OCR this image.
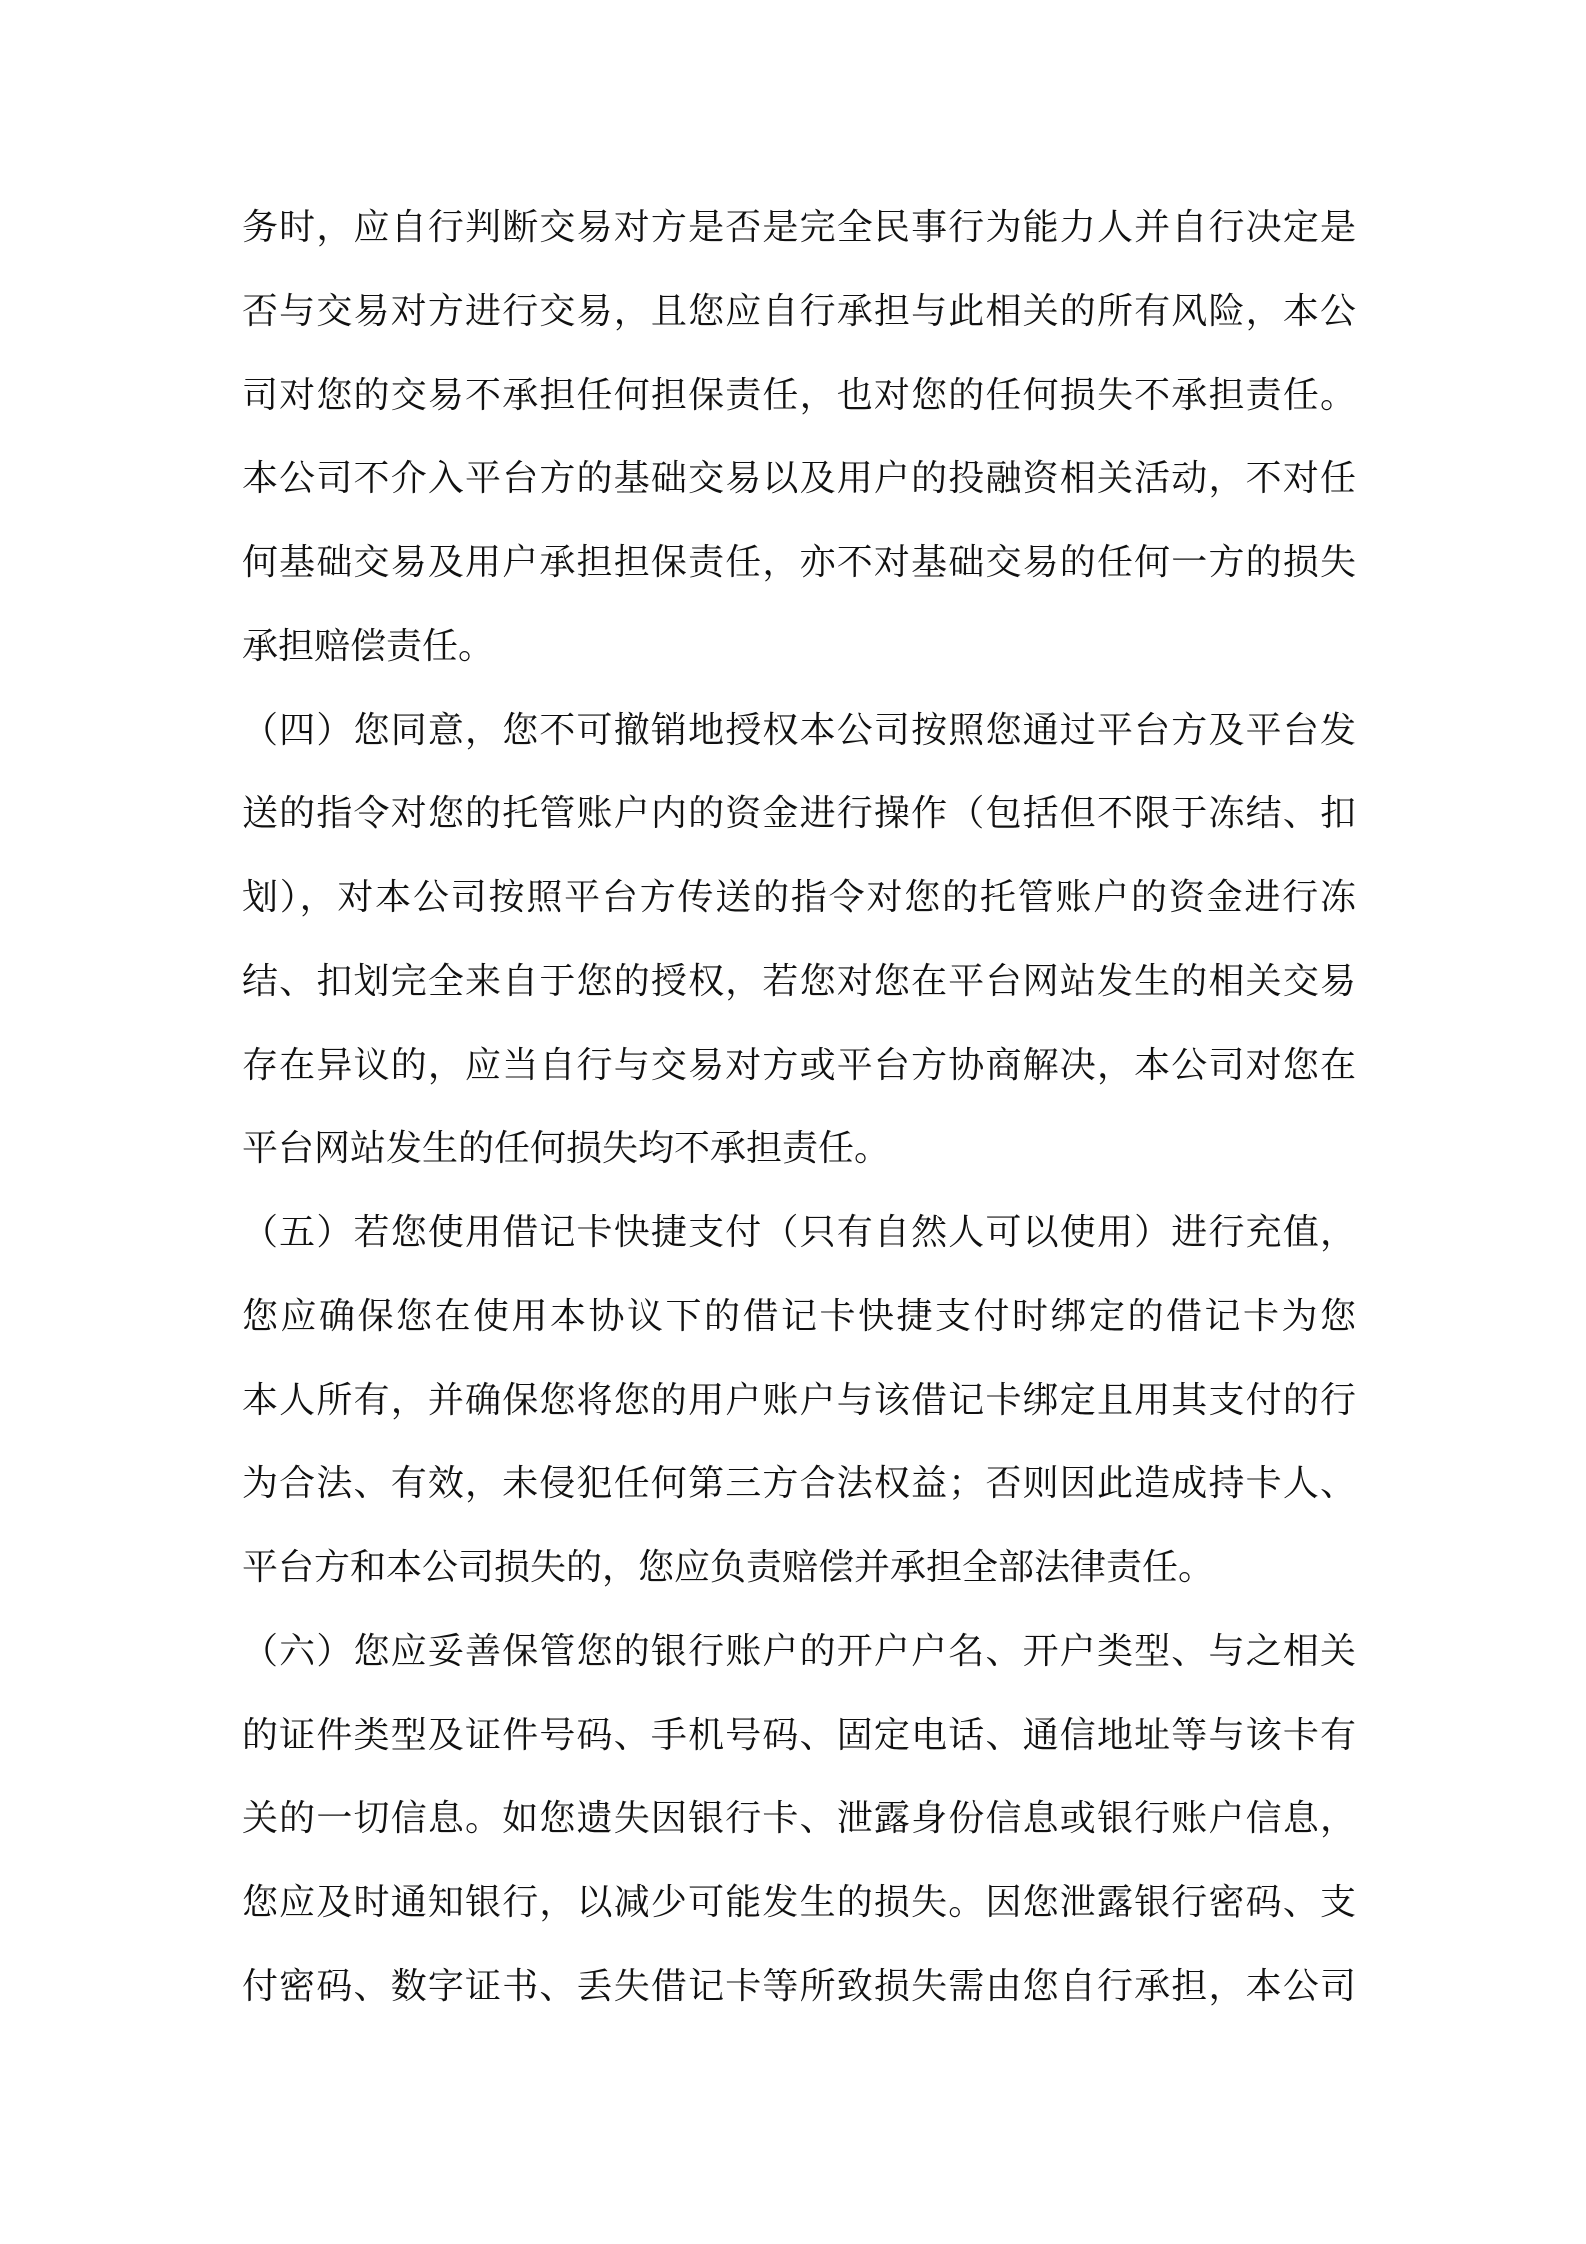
务时，应自行判断交易对方是否是完全民事行为能力人并自行决定是
否与交易对方进行交易，且您应自行承担与此相关的所有风险，本公
司对您的交易不承担任何担保责任，也对您的任何损失不承担责任。
本公司不介入平台方的基础交易以及用户的投融资相关活动，不对任
何基础交易及用户承担担保责任，亦不对基础交易的任何一方的损失
承担赔偿责任。
（四）您同意，您不可撤销地授权本公司按照您通过平台方及平台发
送的指令对您的托管账户内的资金进行操作（包括但不限于冻结、扣
划），对本公司按照平台方传送的指令对您的托管账户的资金进行冻
结、扣划完全来自于您的授权，若您对您在平台网站发生的相关交易
存在异议的，应当自行与交易对方或平台方协商解决，本公司对您在
平台网站发生的任何损失均不承担责任。
（五）若您使用借记卡快捷支付（只有自然人可以使用）进行充值，
您应确保您在使用本协议下的借记卡快捷支付时绑定的借记卡为您
本人所有，并确保您将您的用户账户与该借记卡绑定且用其支付的行
为合法、有效，未侵犯任何第三方合法权益；否则因此造成持卡人、
平台方和本公司损失的，您应负责赔偿并承担全部法律责任。
（六）您应妥善保管您的银行账户的开户户名、开户类型、与之相关
的证件类型及证件号码、手机号码、固定电话、通信地址等与该卡有
关的一切信息。如您遗失因银行卡、泄露身份信息或银行账户信息，
您应及时通知银行，以减少可能发生的损失。因您泄露银行密码、支
付密码、数字证书、丢失借记卡等所致损失需由您自行承担，本公司
